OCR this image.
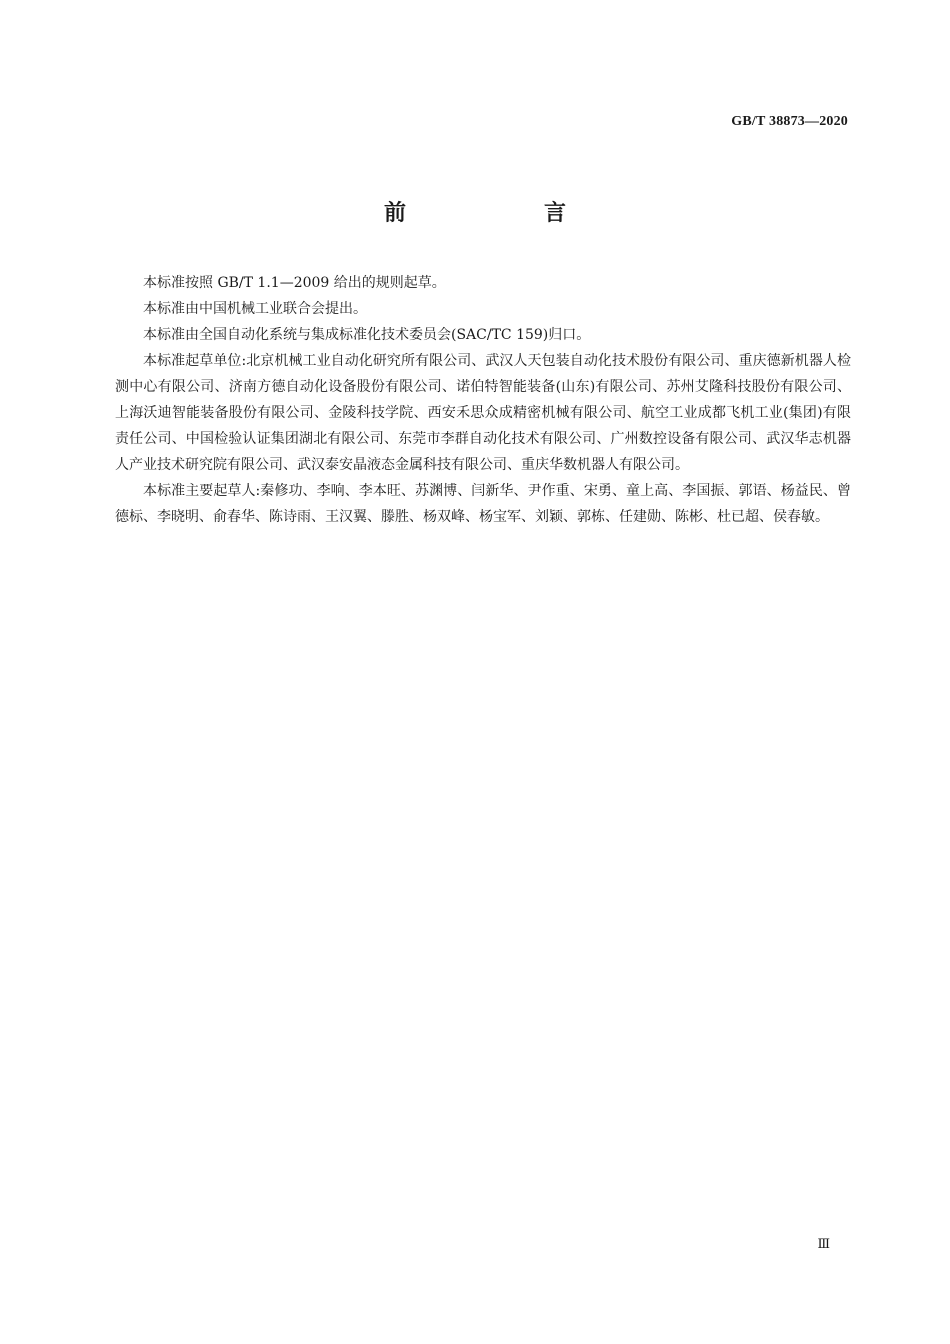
GB/T 38873—2020
前　言

本标准按照 GB/T 1.1—2009 给出的规则起草。

本标准由中国机械工业联合会提出。

本标准由全国自动化系统与集成标准化技术委员会(SAC/TC 159)归口。

本标准起草单位:北京机械工业自动化研究所有限公司、武汉人天包装自动化技术股份有限公司、重庆德新机器人检测中心有限公司、济南方德自动化设备股份有限公司、诺伯特智能装备(山东)有限公司、苏州艾隆科技股份有限公司、上海沃迪智能装备股份有限公司、金陵科技学院、西安禾思众成精密机械有限公司、航空工业成都飞机工业(集团)有限责任公司、中国检验认证集团湖北有限公司、东莞市李群自动化技术有限公司、广州数控设备有限公司、武汉华志机器人产业技术研究院有限公司、武汉泰安晶液态金属科技有限公司、重庆华数机器人有限公司。

本标准主要起草人:秦修功、李响、李本旺、苏渊博、闫新华、尹作重、宋勇、童上高、李国振、郭语、杨益民、曾德标、李晓明、俞春华、陈诗雨、王汉翼、滕胜、杨双峰、杨宝军、刘颖、郭栋、任建勋、陈彬、杜已超、侯春敏。

Ⅲ
